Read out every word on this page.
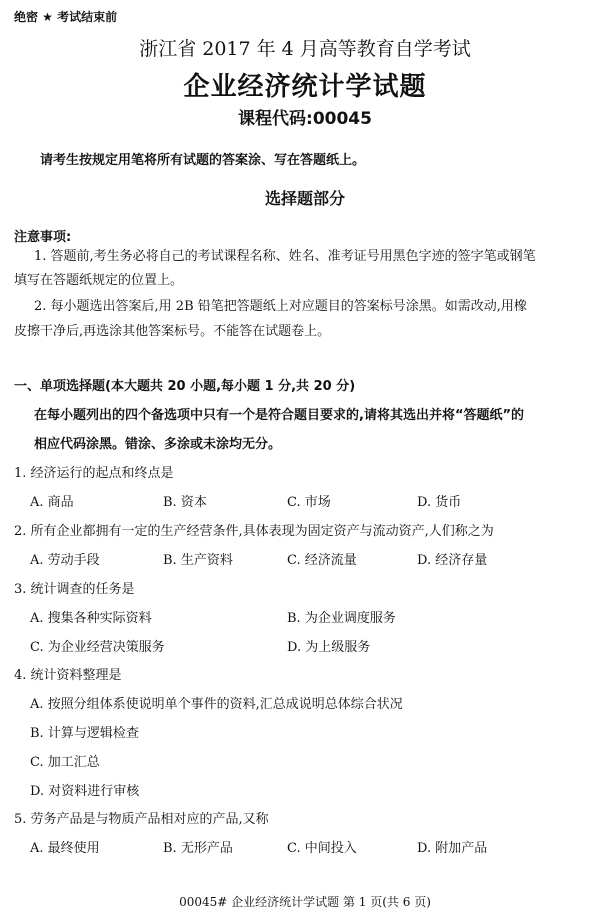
绝密 ★ 考试结束前
浙江省 2017 年 4 月高等教育自学考试
企业经济统计学试题
课程代码:00045
请考生按规定用笔将所有试题的答案涂、写在答题纸上。
选择题部分
注意事项:
1. 答题前,考生务必将自己的考试课程名称、姓名、准考证号用黑色字迹的签字笔或钢笔
填写在答题纸规定的位置上。
2. 每小题选出答案后,用 2B 铅笔把答题纸上对应题目的答案标号涂黑。如需改动,用橡
皮擦干净后,再选涂其他答案标号。不能答在试题卷上。
一、单项选择题(本大题共 20 小题,每小题 1 分,共 20 分)
在每小题列出的四个备选项中只有一个是符合题目要求的,请将其选出并将“答题纸”的
相应代码涂黑。错涂、多涂或未涂均无分。
1. 经济运行的起点和终点是
A. 商品	B. 资本	C. 市场	D. 货币
2. 所有企业都拥有一定的生产经营条件,具体表现为固定资产与流动资产,人们称之为
A. 劳动手段	B. 生产资料	C. 经济流量	D. 经济存量
3. 统计调查的任务是
A. 搜集各种实际资料	B. 为企业调度服务
C. 为企业经营决策服务	D. 为上级服务
4. 统计资料整理是
A. 按照分组体系使说明单个事件的资料,汇总成说明总体综合状况
B. 计算与逻辑检查
C. 加工汇总
D. 对资料进行审核
5. 劳务产品是与物质产品相对应的产品,又称
A. 最终使用	B. 无形产品	C. 中间投入	D. 附加产品
00045# 企业经济统计学试题 第 1 页(共 6 页)
